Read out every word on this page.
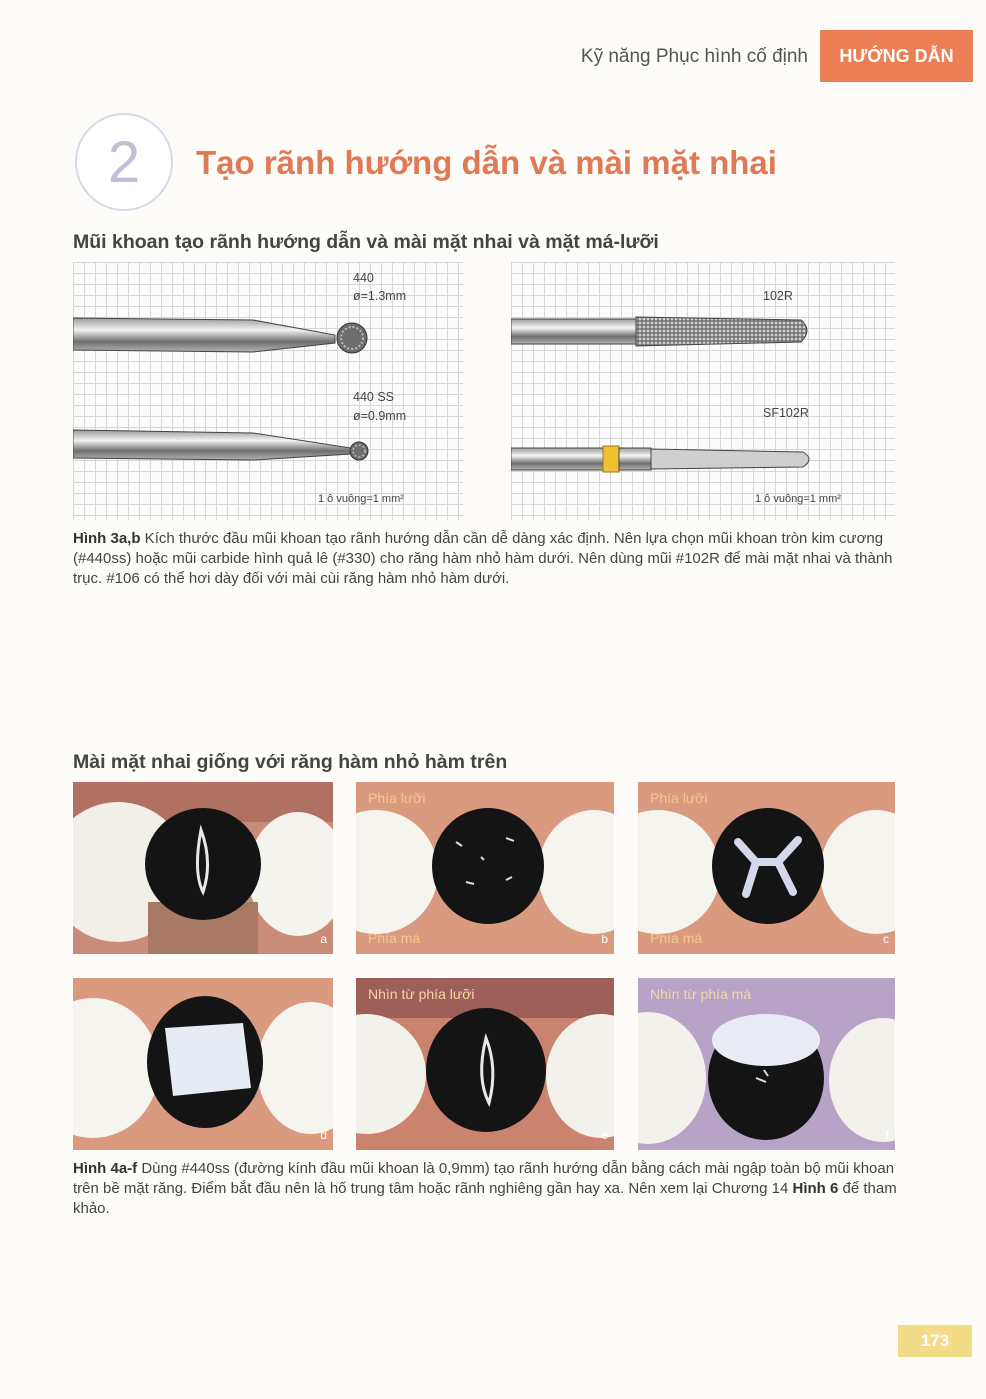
Kỹ năng Phục hình cố định	HƯỚNG DẪN
2	Tạo rãnh hướng dẫn và mài mặt nhai
Mũi khoan tạo rãnh hướng dẫn và mài mặt nhai và mặt má-lưỡi
440
ø=1.3mm
440 SS
ø=0.9mm
1 ô vuông=1 mm²
102R
SF102R
1 ô vuông=1 mm²
Hình 3a,b Kích thước đầu mũi khoan tạo rãnh hướng dẫn cần dễ dàng xác định. Nên lựa chọn mũi khoan tròn kim cương (#440ss) hoặc mũi carbide hình quả lê (#330) cho răng hàm nhỏ hàm dưới. Nên dùng mũi #102R để mài mặt nhai và thành trục. #106 có thể hơi dày đối với mài cùi răng hàm nhỏ hàm dưới.
Mài mặt nhai giống với răng hàm nhỏ hàm trên
a
Phía lưỡi
Phía má	b
Phía lưỡi
Phía má	c
d
Nhìn từ phía lưỡi
e
Nhìn từ phía má
f
Hình 4a-f Dùng #440ss (đường kính đầu mũi khoan là 0,9mm) tạo rãnh hướng dẫn bằng cách mài ngập toàn bộ mũi khoan trên bề mặt răng. Điểm bắt đầu nên là hố trung tâm hoặc rãnh nghiêng gần hay xa. Nên xem lại Chương 14 Hình 6 để tham khảo.
173
